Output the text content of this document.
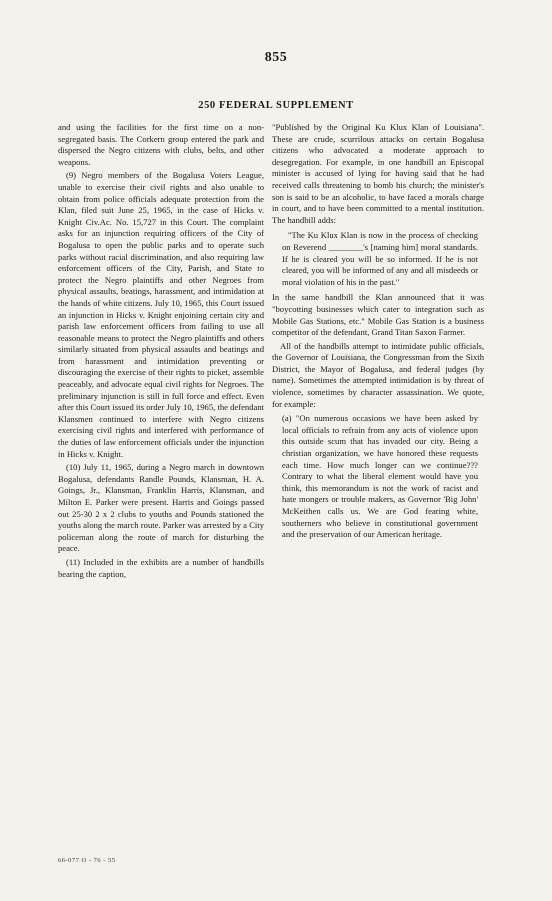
855
250 FEDERAL SUPPLEMENT

and using the facilities for the first time on a non-segregated basis. The Corkern group entered the park and dispersed the Negro citizens with clubs, belts, and other weapons.

(9) Negro members of the Bogalusa Voters League, unable to exercise their civil rights and also unable to obtain from police officials adequate protection from the Klan, filed suit June 25, 1965, in the case of Hicks v. Knight Civ.Ac. No. 15,727 in this Court. The complaint asks for an injunction requiring officers of the City of Bogalusa to open the public parks and to operate such parks without racial discrimination, and also requiring law enforcement officers of the City, Parish, and State to protect the Negro plaintiffs and other Negroes from physical assaults, beatings, harassment, and intimidation at the hands of white citizens. July 10, 1965, this Court issued an injunction in Hicks v. Knight enjoining certain city and parish law enforcement officers from failing to use all reasonable means to protect the Negro plaintiffs and others similarly situated from physical assaults and beatings and from harassment and intimidation preventing or discouraging the exercise of their rights to picket, assemble peaceably, and advocate equal civil rights for Negroes. The preliminary injunction is still in full force and effect. Even after this Court issued its order July 10, 1965, the defendant Klansmen continued to interfere with Negro citizens exercising civil rights and interfered with performance of the duties of law enforcement officials under the injunction in Hicks v. Knight.

(10) July 11, 1965, during a Negro march in downtown Bogalusa, defendants Randle Pounds, Klansman, H. A. Goings, Jr., Klansman, Franklin Harris, Klansman, and Milton E. Parker were present. Harris and Goings passed out 25-30 2 x 2 clubs to youths and Pounds stationed the youths along the march route. Parker was arrested by a City policeman along the route of march for disturbing the peace.

(11) Included in the exhibits are a number of handbills bearing the caption,

"Published by the Original Ku Klux Klan of Louisiana". These are crude, scurrilous attacks on certain Bogalusa citizens who advocated a moderate approach to desegregation. For example, in one handbill an Episcopal minister is accused of lying for having said that he had received calls threatening to bomb his church; the minister's son is said to be an alcoholic, to have faced a morals charge in court, and to have been committed to a mental institution. The handbill adds:

"The Ku Klux Klan is now in the process of checking on Reverend ________'s [naming him] moral standards. If he is cleared you will be so informed. If he is not cleared, you will be informed of any and all misdeeds or moral violation of his in the past."

In the same handbill the Klan announced that it was "boycotting businesses which cater to integration such as Mobile Gas Stations, etc." Mobile Gas Station is a business competitor of the defendant, Grand Titan Saxon Farmer.

All of the handbills attempt to intimidate public officials, the Governor of Louisiana, the Congressman from the Sixth District, the Mayor of Bogalusa, and federal judges (by name). Sometimes the attempted intimidation is by threat of violence, sometimes by character assassination. We quote, for example:

(a) "On numerous occasions we have been asked by local officials to refrain from any acts of violence upon this outside scum that has invaded our city. Being a christian organization, we have honored these requests each time. How much longer can we continue??? Contrary to what the liberal element would have you think, this memorandum is not the work of racist and hate mongers or trouble makers, as Governor 'Big John' McKeithen calls us. We are God fearing white, southerners who believe in constitutional government and the preservation of our American heritage.

66-077 O - 76 - 55
